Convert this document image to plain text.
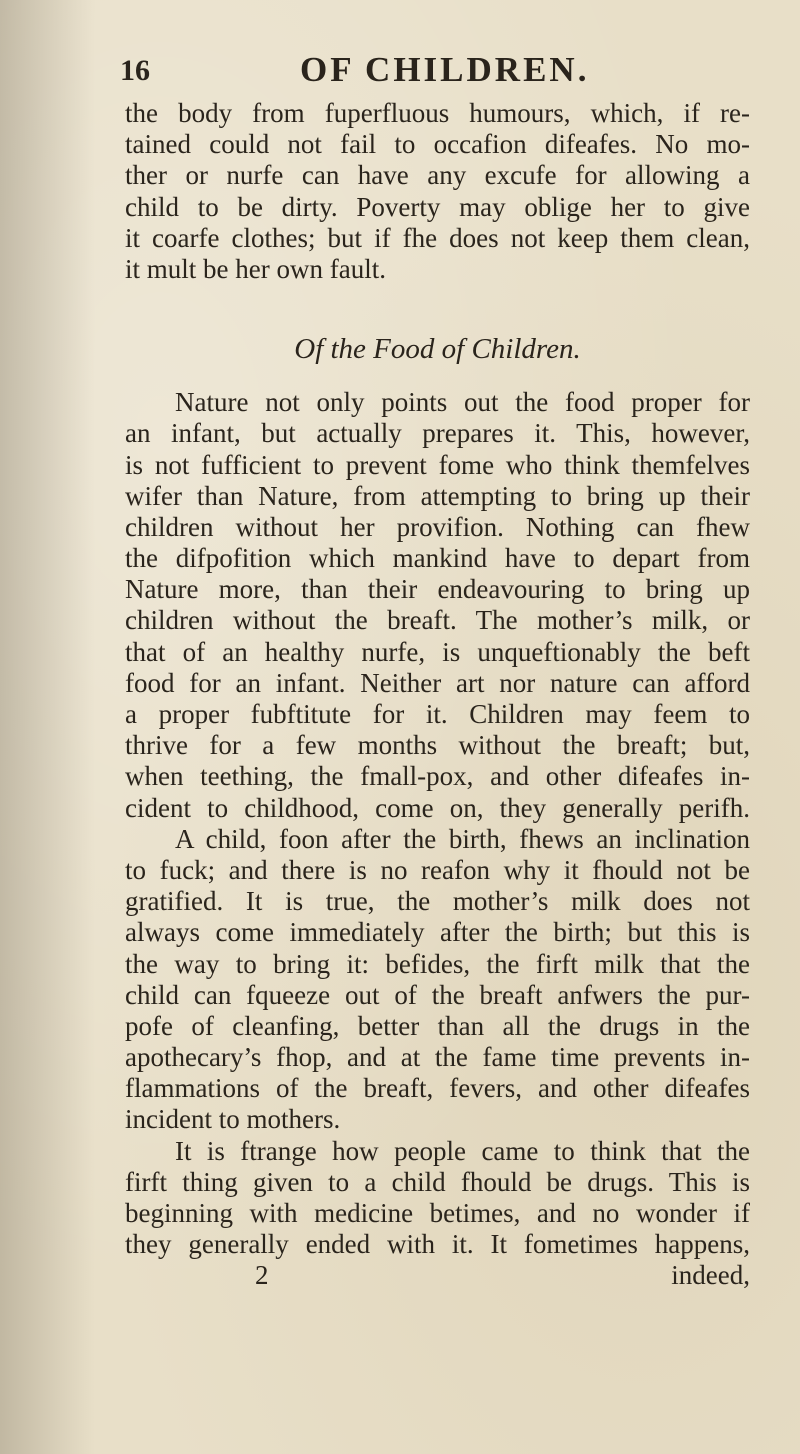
16	OF CHILDREN.
the body from fuperfluous humours, which, if re-
tained could not fail to occafion difeafes. No mo-
ther or nurfe can have any excufe for allowing a
child to be dirty. Poverty may oblige her to give
it coarfe clothes; but if fhe does not keep them clean,
it mult be her own fault.
Of the Food of Children.
Nature not only points out the food proper for
an infant, but actually prepares it. This, however,
is not fufficient to prevent fome who think themfelves
wifer than Nature, from attempting to bring up their
children without her provifion. Nothing can fhew
the difpofition which mankind have to depart from
Nature more, than their endeavouring to bring up
children without the breaft. The mother’s milk, or
that of an healthy nurfe, is unqueftionably the beft
food for an infant. Neither art nor nature can afford
a proper fubftitute for it. Children may feem to
thrive for a few months without the breaft; but,
when teething, the fmall-pox, and other difeafes in-
cident to childhood, come on, they generally perifh.
A child, foon after the birth, fhews an inclination
to fuck; and there is no reafon why it fhould not be
gratified. It is true, the mother’s milk does not
always come immediately after the birth; but this is
the way to bring it: befides, the firft milk that the
child can fqueeze out of the breaft anfwers the pur-
pofe of cleanfing, better than all the drugs in the
apothecary’s fhop, and at the fame time prevents in-
flammations of the breaft, fevers, and other difeafes
incident to mothers.
It is ftrange how people came to think that the
firft thing given to a child fhould be drugs. This is
beginning with medicine betimes, and no wonder if
they generally ended with it. It fometimes happens,
2	indeed,
